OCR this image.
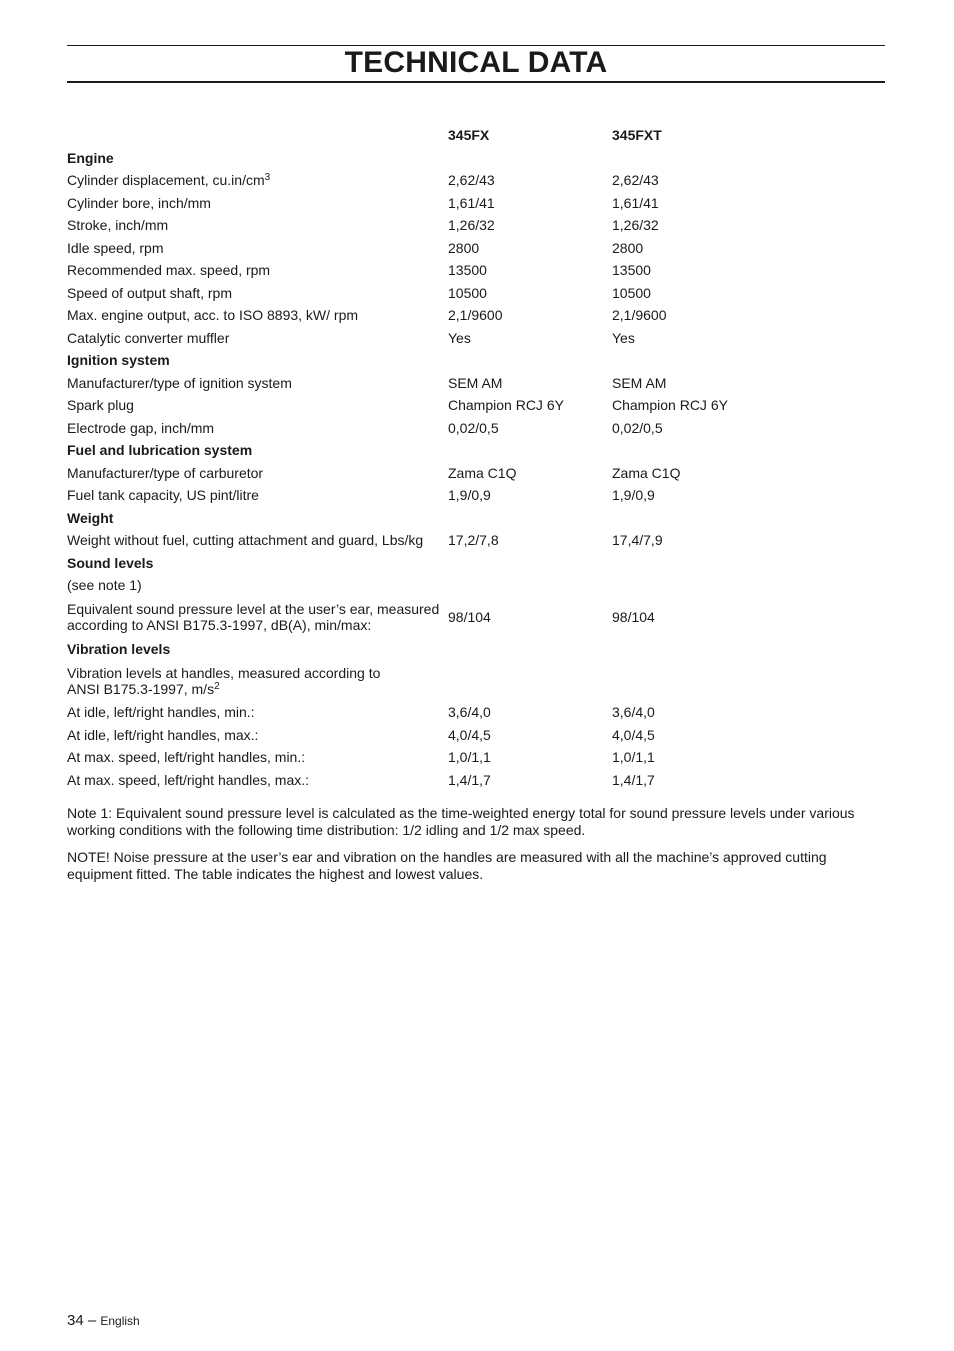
TECHNICAL DATA
	345FX	345FXT
Engine		
Cylinder displacement, $cu.in/cm^3$	2,62/43	2,62/43
Cylinder bore, inch/mm	1,61/41	1,61/41
Stroke, inch/mm	1,26/32	1,26/32
Idle speed, rpm	2800	2800
Recommended max. speed, rpm	13500	13500
Speed of output shaft, rpm	10500	10500
Max. engine output, acc. to ISO 8893, kW/ rpm	2,1/9600	2,1/9600
Catalytic converter muffler	Yes	Yes
Ignition system		
Manufacturer/type of ignition system	SEM AM	SEM AM
Spark plug	Champion RCJ 6Y	Champion RCJ 6Y
Electrode gap, inch/mm	0,02/0,5	0,02/0,5
Fuel and lubrication system		
Manufacturer/type of carburetor	Zama C1Q	Zama C1Q
Fuel tank capacity, US pint/litre	1,9/0,9	1,9/0,9
Weight		
Weight without fuel, cutting attachment and guard, Lbs/kg	17,2/7,8	17,4/7,9
Sound levels		
(see note 1)		
Equivalent sound pressure level at the user’s ear, measured
according to ANSI B175.3-1997, dB(A), min/max:	98/104	98/104
Vibration levels		
Vibration levels at handles, measured according to
ANSI B175.3-1997, $m/s^2$
At idle, left/right handles, min.:	3,6/4,0	3,6/4,0
At idle, left/right handles, max.:	4,0/4,5	4,0/4,5
At max. speed, left/right handles, min.:	1,0/1,1	1,0/1,1
At max. speed, left/right handles, max.:	1,4/1,7	1,4/1,7
Note 1: Equivalent sound pressure level is calculated as the time-weighted energy total for sound pressure levels under various
working conditions with the following time distribution: 1/2 idling and 1/2 max speed.
NOTE! Noise pressure at the user’s ear and vibration on the handles are measured with all the machine’s approved cutting
equipment fitted. The table indicates the highest and lowest values.
34 – English
